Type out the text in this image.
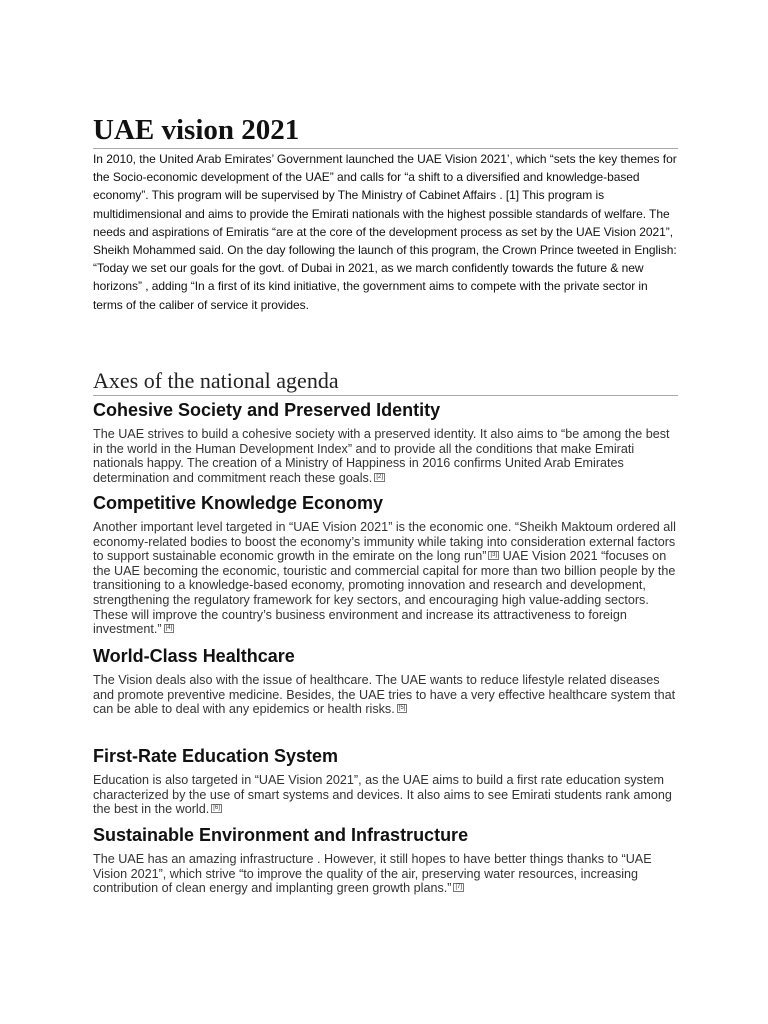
UAE vision 2021

In 2010, the United Arab Emirates’ Government launched the UAE Vision 2021’, which “sets the key themes for the Socio-economic development of the UAE” and calls for “a shift to a diversified and knowledge-based economy”. This program will be supervised by The Ministry of Cabinet Affairs . [1] This program is multidimensional and aims to provide the Emirati nationals with the highest possible standards of welfare. The needs and aspirations of Emiratis “are at the core of the development process as set by the UAE Vision 2021”, Sheikh Mohammed said. On the day following the launch of this program, the Crown Prince tweeted in English: “Today we set our goals for the govt. of Dubai in 2021, as we march confidently towards the future & new horizons” , adding “In a first of its kind initiative, the government aims to compete with the private sector in terms of the caliber of service it provides.

Axes of the national agenda
Cohesive Society and Preserved Identity

The UAE strives to build a cohesive society with a preserved identity. It also aims to “be among the best in the world in the Human Development Index” and to provide all the conditions that make Emirati nationals happy. The creation of a Ministry of Happiness in 2016 confirms United Arab Emirates determination and commitment reach these goals. [2]

Competitive Knowledge Economy

Another important level targeted in “UAE Vision 2021” is the economic one. “Sheikh Maktoum ordered all economy-related bodies to boost the economy’s immunity while taking into consideration external factors to support sustainable economic growth in the emirate on the long run” [3] UAE Vision 2021 “focuses on the UAE becoming the economic, touristic and commercial capital for more than two billion people by the transitioning to a knowledge-based economy, promoting innovation and research and development, strengthening the regulatory framework for key sectors, and encouraging high value-adding sectors. These will improve the country’s business environment and increase its attractiveness to foreign investment.” [4]

World-Class Healthcare

The Vision deals also with the issue of healthcare. The UAE wants to reduce lifestyle related diseases and promote preventive medicine. Besides, the UAE tries to have a very effective healthcare system that can be able to deal with any epidemics or health risks. [5]

First-Rate Education System

Education is also targeted in “UAE Vision 2021”, as the UAE aims to build a first rate education system characterized by the use of smart systems and devices. It also aims to see Emirati students rank among the best in the world. [6]

Sustainable Environment and Infrastructure

The UAE has an amazing infrastructure . However, it still hopes to have better things thanks to “UAE Vision 2021”, which strive “to improve the quality of the air, preserving water resources, increasing contribution of clean energy and implanting green growth plans.” [7]
